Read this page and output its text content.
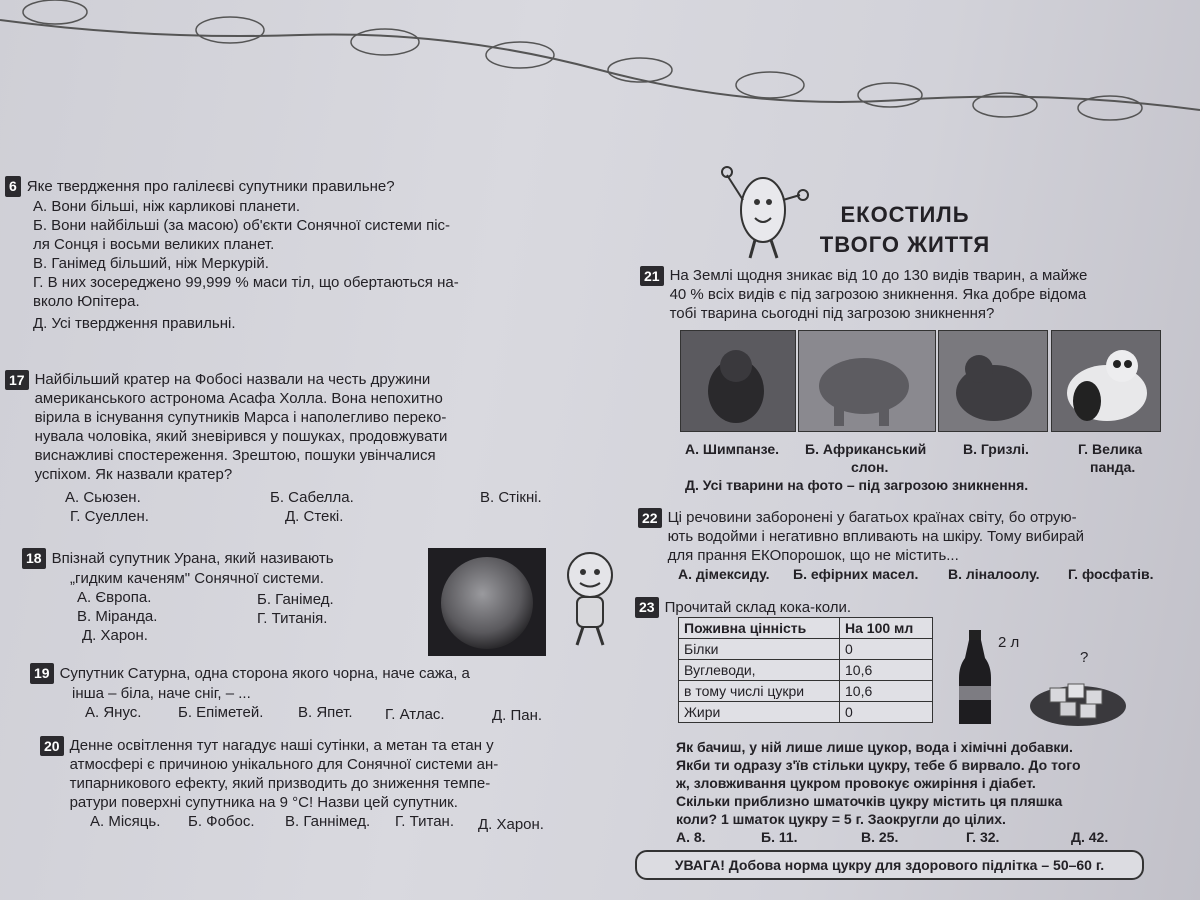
6 Яке твердження про галілеєві супутники правильне?
А. Вони більші, ніж карликові планети.
Б. Вони найбільші (за масою) об'єкти Сонячної системи піс-
ля Сонця і восьми великих планет.
В. Ганімед більший, ніж Меркурій.
Г. В них зосереджено 99,999 % маси тіл, що обертаються на-
вколо Юпітера.
Д. Усі твердження правильні.
17 Найбільший кратер на Фобосі назвали на честь дружини
американського астронома Асафа Холла. Вона непохитно
вірила в існування супутників Марса і наполегливо переко-
нувала чоловіка, який зневірився у пошуках, продовжувати
виснажливі спостереження. Зрештою, пошуки увінчалися
успіхом. Як назвали кратер?
А. Сьюзен.	Б. Сабелла.	В. Стікні.
Г. Суеллен.	Д. Стекі.
18 Впізнай супутник Урана, який називають
„гидким каченям" Сонячної системи.
А. Європа.	Б. Ганімед.
В. Міранда.	Г. Титанія.
Д. Харон.
19 Супутник Сатурна, одна сторона якого чорна, наче сажа, а
інша – біла, наче сніг, – ...
А. Янус. Б. Епіметей. В. Япет. Г. Атлас.	Д. Пан.
20 Денне освітлення тут нагадує наші сутінки, а метан та етан у
атмосфері є причиною унікального для Сонячної системи ан-
типарникового ефекту, який призводить до зниження темпе-
ратури поверхні супутника на 9 °С! Назви цей супутник.
А. Місяць. Б. Фобос. В. Ганнімед. Г. Титан. Д. Харон.
ЕКОСТИЛЬ
ТВОГО ЖИТТЯ
21 На Землі щодня зникає від 10 до 130 видів тварин, а майже
40 % всіх видів є під загрозою зникнення. Яка добре відома
тобі тварина сьогодні під загрозою зникнення?
А. Шимпанзе. Б. Африканський
слон.
В. Гризлі.	Г. Велика
панда.
Д. Усі тварини на фото – під загрозою зникнення.
22 Ці речовини заборонені у багатьох країнах світу, бо отрую-
ють водойми і негативно впливають на шкіру. Тому вибирай
для прання ЕКОпорошок, що не містить...
А. дімексиду. Б. ефірних масел. В. ліналоолу. Г. фосфатів.
23 Прочитай склад кока-коли.
Поживна цінність	На 100 мл
Білки	0
Вуглеводи,	10,6
в тому числі цукри	10,6
Жири	0
2 л
?
Як бачиш, у ній лише лише цукор, вода і хімічні добавки.
Якби ти одразу з'їв стільки цукру, тебе б вирвало. До того
ж, зловживання цукром провокує ожиріння і діабет.
Скільки приблизно шматочків цукру містить ця пляшка
коли? 1 шматок цукру = 5 г. Заокругли до цілих.
А. 8.	Б. 11.	В. 25.	Г. 32.	Д. 42.
УВАГА! Добова норма цукру для здорового підлітка – 50–60 г.
